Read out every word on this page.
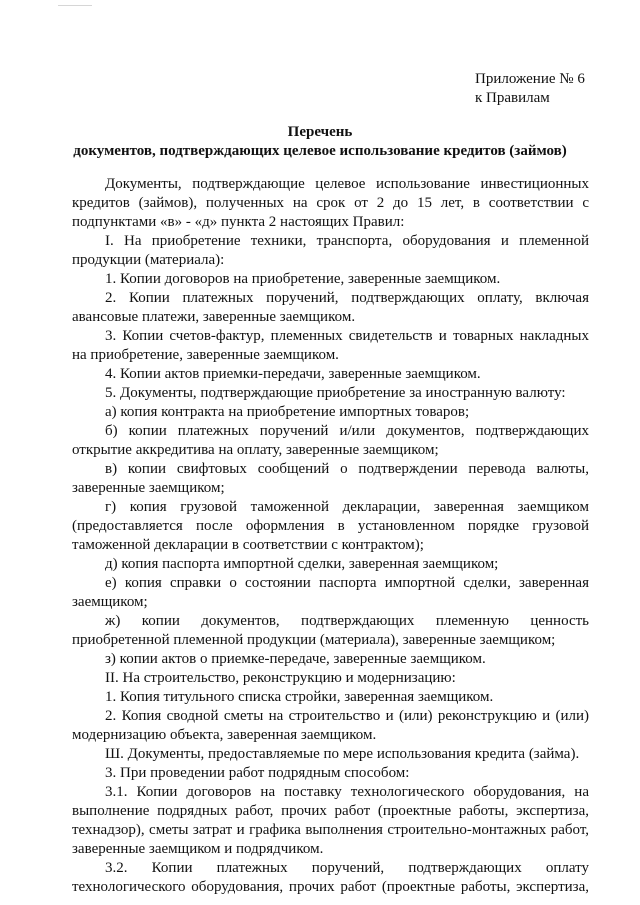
Приложение № 6
к Правилам
Перечень
документов, подтверждающих целевое использование кредитов (займов)

Документы, подтверждающие целевое использование инвестиционных кредитов (займов), полученных на срок от 2 до 15 лет, в соответствии с подпунктами «в» - «д» пункта 2 настоящих Правил:

I. На приобретение техники, транспорта, оборудования и племенной продукции (материала):

1. Копии договоров на приобретение, заверенные заемщиком.

2. Копии платежных поручений, подтверждающих оплату, включая авансовые платежи, заверенные заемщиком.

3. Копии счетов-фактур, племенных свидетельств и товарных накладных на приобретение, заверенные заемщиком.

4. Копии актов приемки-передачи, заверенные заемщиком.

5. Документы, подтверждающие приобретение за иностранную валюту:

а) копия контракта на приобретение импортных товаров;

б) копии платежных поручений и/или документов, подтверждающих открытие аккредитива на оплату, заверенные заемщиком;

в) копии свифтовых сообщений о подтверждении перевода валюты, заверенные заемщиком;

г) копия грузовой таможенной декларации, заверенная заемщиком (предоставляется после оформления в установленном порядке грузовой таможенной декларации в соответствии с контрактом);

д) копия паспорта импортной сделки, заверенная заемщиком;

е) копия справки о состоянии паспорта импортной сделки, заверенная заемщиком;

ж) копии документов, подтверждающих племенную ценность приобретенной племенной продукции (материала), заверенные заемщиком;

з) копии актов о приемке-передаче, заверенные заемщиком.

II. На строительство, реконструкцию и модернизацию:

1. Копия титульного списка стройки, заверенная заемщиком.

2. Копия сводной сметы на строительство и (или) реконструкцию и (или) модернизацию объекта, заверенная заемщиком.

Ш. Документы, предоставляемые по мере использования кредита (займа).

3. При проведении работ подрядным способом:

3.1. Копии договоров на поставку технологического оборудования, на выполнение подрядных работ, прочих работ (проектные работы, экспертиза, технадзор), сметы затрат и графика выполнения строительно-монтажных работ, заверенные заемщиком и подрядчиком.

3.2. Копии платежных поручений, подтверждающих оплату технологического оборудования, прочих работ (проектные работы, экспертиза,
